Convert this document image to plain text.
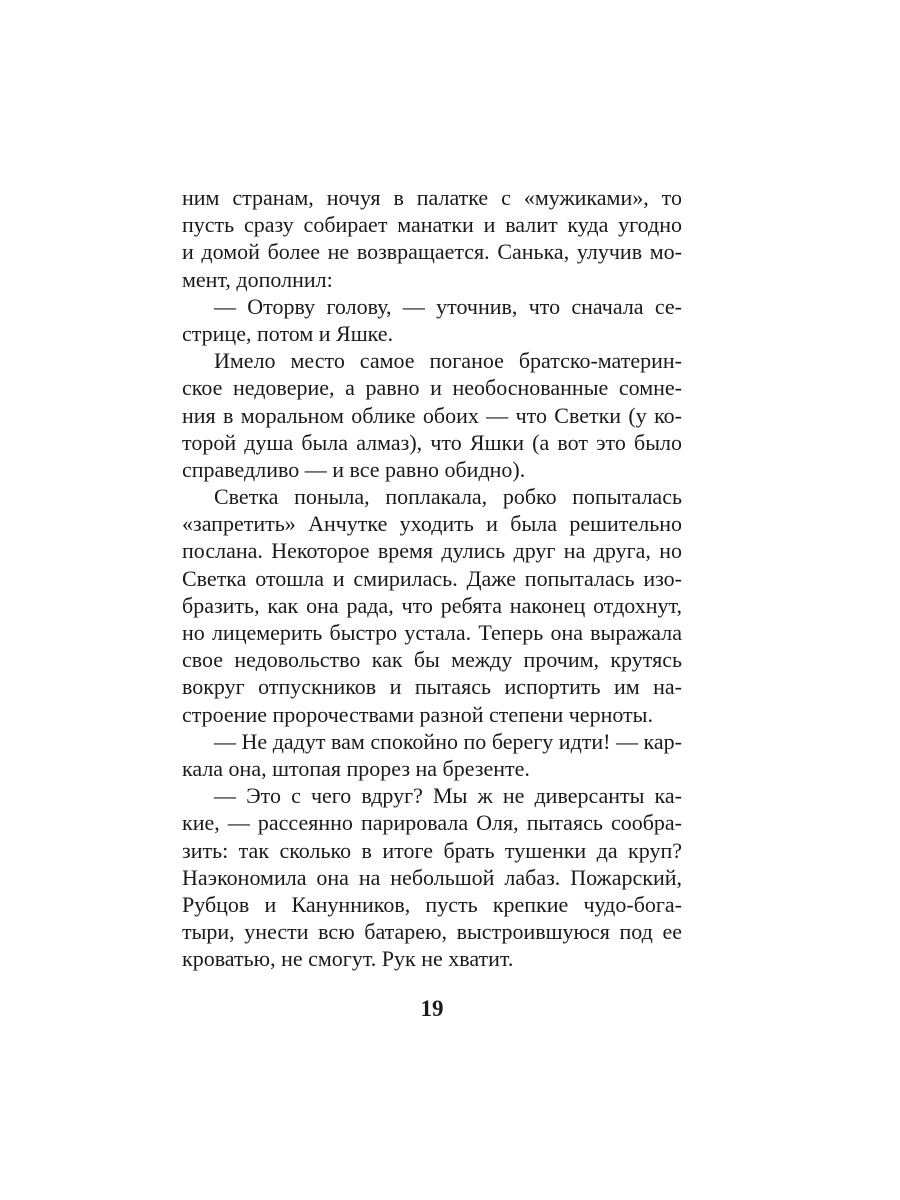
ним странам, ночуя в палатке с «мужиками», то
пусть сразу собирает манатки и валит куда угодно
и домой более не возвращается. Санька, улучив мо-
мент, дополнил:
— Оторву голову, — уточнив, что сначала се-
стрице, потом и Яшке.
Имело место самое поганое братско-материн-
ское недоверие, а равно и необоснованные сомне-
ния в моральном облике обоих — что Светки (у ко-
торой душа была алмаз), что Яшки (а вот это было
справедливо — и все равно обидно).
Светка поныла, поплакала, робко попыталась
«запретить» Анчутке уходить и была решительно
послана. Некоторое время дулись друг на друга, но
Светка отошла и смирилась. Даже попыталась изо-
бразить, как она рада, что ребята наконец отдохнут,
но лицемерить быстро устала. Теперь она выражала
свое недовольство как бы между прочим, крутясь
вокруг отпускников и пытаясь испортить им на-
строение пророчествами разной степени черноты.
— Не дадут вам спокойно по берегу идти! — кар-
кала она, штопая прорез на брезенте.
— Это с чего вдруг? Мы ж не диверсанты ка-
кие, — рассеянно парировала Оля, пытаясь сообра-
зить: так сколько в итоге брать тушенки да круп?
Наэкономила она на небольшой лабаз. Пожарский,
Рубцов и Канунников, пусть крепкие чудо-бога-
тыри, унести всю батарею, выстроившуюся под ее
кроватью, не смогут. Рук не хватит.
19
